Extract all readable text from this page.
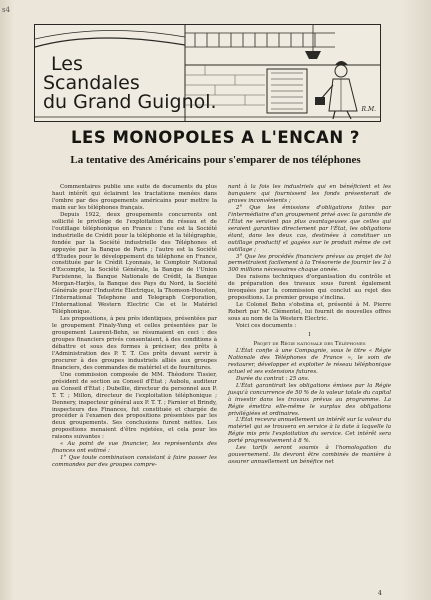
s4
Les
Scandales
du Grand Guignol.	R.M.
LES MONOPOLES A L'ENCAN ?
La tentative des Américains pour s'emparer de nos téléphones

Commentaires publie une suite de documents du plus haut intérêt qui éclairent les tractations menées dans l'ombre par des groupements américains pour mettre la main sur les téléphones français.

Depuis 1922, deux groupements concurrents ont sollicité le privilège de l'exploitation du réseau et de l'outillage téléphonique en France : l'une est la Société industrielle de Crédit pour la téléphonie et la télégraphie, fondée par la Société industrielle des Téléphones et appuyée par la Banque de Paris ; l'autre est la Société d'Études pour le développement du téléphone en France, constituée par le Crédit Lyonnais, le Comptoir National d'Escompte, la Société Générale, la Banque de l'Union Parisienne, la Banque Nationale de Crédit, la Banque Morgan-Harjès, la Banque des Pays du Nord, la Société Générale pour l'Industrie Électrique, la Thomson-Houston, l'International Telephone and Telegraph Corporation, l'International Western Electric Cie et le Matériel Téléphonique.

Les propositions, à peu près identiques, présentées par le groupement Finaly-Yung et celles présentées par le groupement Laurent-Behn, se résumaient en ceci : des groupes financiers privés consentaient, à des conditions à débattre et sous des formes à préciser, des prêts à l'Administration des P. T. T. Ces prêts devant servir à procurer à des groupes industriels alliés aux groupes financiers, des commandes de matériel et de fournitures.

Une commission composée de MM. Théodore Tissier, président de section au Conseil d'État ; Aubolu, auditeur au Conseil d'État ; Dubellie, directeur du personnel aux P. T. T. ; Millon, directeur de l'exploitation téléphonique ; Dennery, inspecteur général aux P. T. T. ; Farnier et Brindy, inspecteurs des Finances, fut constituée et chargée de procéder à l'examen des propositions présentées par les deux groupements. Ses conclusions furent nettes. Les propositions menaient d'être rejetées, et cela pour les raisons suivantes :

« Au point de vue financier, les représentants des finances ont estimé :

1° Que toute combinaison consistant à faire passer les commandes par des groupes compre-

nant à la fois les industriels qui en bénéficient et les banquiers qui fournissent les fonds présenterait de graves inconvénients ;

2° Que les émissions d'obligations faites par l'intermédiaire d'un groupement privé avec la garantie de l'État ne seraient pas plus avantageuses que celles qui seraient garanties directement par l'État, les obligations étant, dans les deux cas, destinées à constituer un outillage productif et gagées sur le produit même de cet outillage ;

3° Que les procédés financiers prévus au projet de loi permettraient facilement à la Trésorerie de fournir les 2 à 300 millions nécessaires chaque année.

Des raisons techniques d'organisation du contrôle et de préparation des travaux sous furent également invoquées par la commission qui conclut au rejet des propositions. Le premier groupe s'inclina.

Le Colonel Behn s'obstina et, présenté à M. Pierre Robert par M. Clémentel, lui fournit de nouvelles offres sous au nom de la Western Electric.

Voici ces documents :

I

Projet de Régie nationale des Téléphones

L'État confie à une Compagnie, sous le titre « Régie Nationale des Téléphones de France », le soin de restaurer, développer et exploiter le réseau téléphonique actuel et ses extensions futures.

Durée du contrat : 25 ans.

L'État garantirait les obligations émises par la Régie jusqu'à concurrence de 50 % de la valeur totale du capital à investir dans les travaux prévus au programme. La Régie émettra elle-même le surplus des obligations privilégiées et ordinaires.

L'État recevra annuellement un intérêt sur la valeur du matériel qui se trouvera en service à la date à laquelle la Régie mis pris l'exploitation du service. Cet intérêt sera porté progressivement à 8 %.

Les tarifs seront soumis à l'homologation du gouvernement. Ils devront être combinés de manière à assurer annuellement un bénéfice net

4
